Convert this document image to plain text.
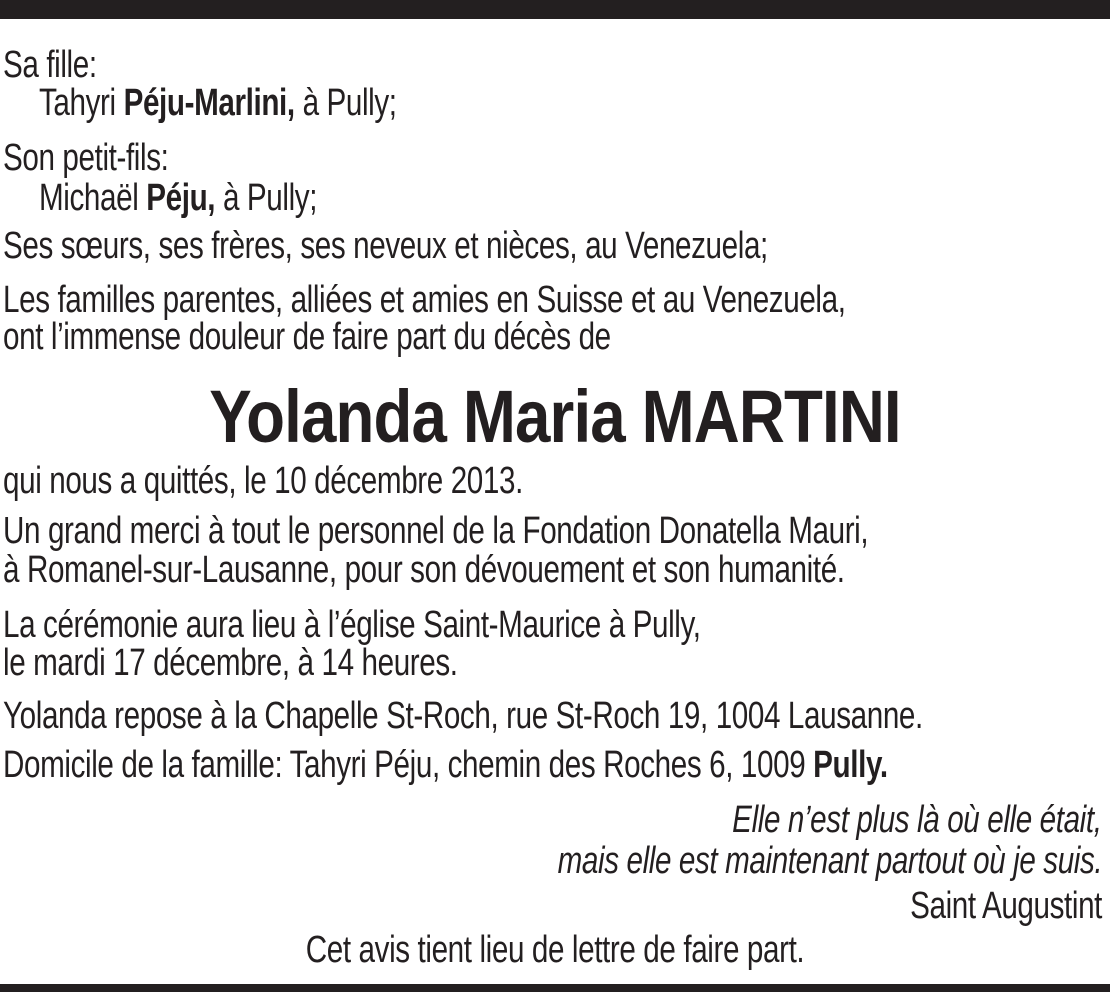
Sa fille:
Tahyri Péju-Marlini, à Pully;
Son petit-fils:
Michaël Péju, à Pully;
Ses sœurs, ses frères, ses neveux et nièces, au Venezuela;
Les familles parentes, alliées et amies en Suisse et au Venezuela,
ont l’immense douleur de faire part du décès de
Yolanda Maria MARTINI
qui nous a quittés, le 10 décembre 2013.
Un grand merci à tout le personnel de la Fondation Donatella Mauri,
à Romanel-sur-Lausanne, pour son dévouement et son humanité.
La cérémonie aura lieu à l’église Saint-Maurice à Pully,
le mardi 17 décembre, à 14 heures.
Yolanda repose à la Chapelle St-Roch, rue St-Roch 19, 1004 Lausanne.
Domicile de la famille: Tahyri Péju, chemin des Roches 6, 1009 Pully.
Elle n’est plus là où elle était,
mais elle est maintenant partout où je suis.
Saint Augustint
Cet avis tient lieu de lettre de faire part.
